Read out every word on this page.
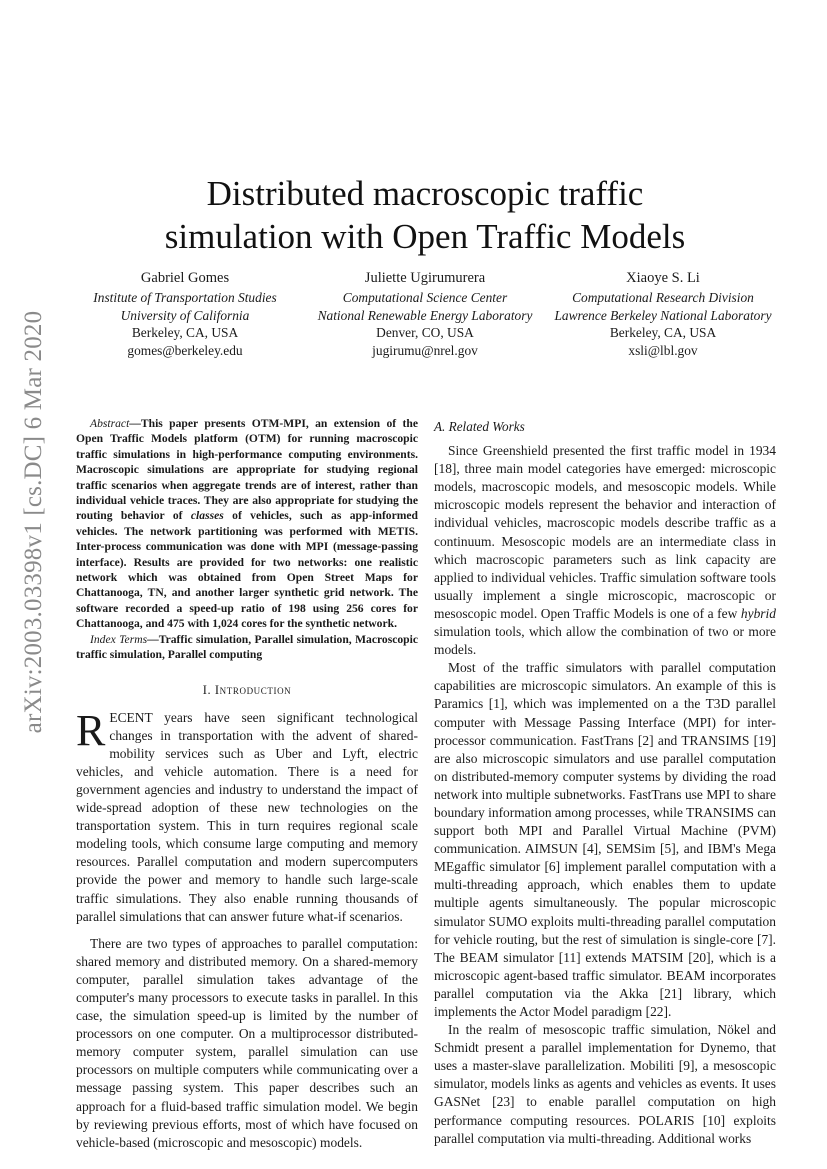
arXiv:2003.03398v1 [cs.DC] 6 Mar 2020
Distributed macroscopic traffic
simulation with Open Traffic Models
Gabriel Gomes
Institute of Transportation Studies
University of California
Berkeley, CA, USA
gomes@berkeley.edu
Juliette Ugirumurera
Computational Science Center
National Renewable Energy Laboratory
Denver, CO, USA
jugirumu@nrel.gov
Xiaoye S. Li
Computational Research Division
Lawrence Berkeley National Laboratory
Berkeley, CA, USA
xsli@lbl.gov
Abstract—This paper presents OTM-MPI, an extension of the Open Traffic Models platform (OTM) for running macroscopic traffic simulations in high-performance computing environments. Macroscopic simulations are appropriate for studying regional traffic scenarios when aggregate trends are of interest, rather than individual vehicle traces. They are also appropriate for studying the routing behavior of classes of vehicles, such as app-informed vehicles. The network partitioning was performed with METIS. Inter-process communication was done with MPI (message-passing interface). Results are provided for two networks: one realistic network which was obtained from Open Street Maps for Chattanooga, TN, and another larger synthetic grid network. The software recorded a speed-up ratio of 198 using 256 cores for Chattanooga, and 475 with 1,024 cores for the synthetic network.
Index Terms—Traffic simulation, Parallel simulation, Macroscopic traffic simulation, Parallel computing
I. Introduction

RECENT years have seen significant technological changes in transportation with the advent of shared-mobility services such as Uber and Lyft, electric vehicles, and vehicle automation. There is a need for government agencies and industry to understand the impact of wide-spread adoption of these new technologies on the transportation system. This in turn requires regional scale modeling tools, which consume large computing and memory resources. Parallel computation and modern supercomputers provide the power and memory to handle such large-scale traffic simulations. They also enable running thousands of parallel simulations that can answer future what-if scenarios.

There are two types of approaches to parallel computation: shared memory and distributed memory. On a shared-memory computer, parallel simulation takes advantage of the computer's many processors to execute tasks in parallel. In this case, the simulation speed-up is limited by the number of processors on one computer. On a multiprocessor distributed-memory computer system, parallel simulation can use processors on multiple computers while communicating over a message passing system. This paper describes such an approach for a fluid-based traffic simulation model. We begin by reviewing previous efforts, most of which have focused on vehicle-based (microscopic and mesoscopic) models.

A. Related Works

Since Greenshield presented the first traffic model in 1934 [18], three main model categories have emerged: microscopic models, macroscopic models, and mesoscopic models. While microscopic models represent the behavior and interaction of individual vehicles, macroscopic models describe traffic as a continuum. Mesoscopic models are an intermediate class in which macroscopic parameters such as link capacity are applied to individual vehicles. Traffic simulation software tools usually implement a single microscopic, macroscopic or mesoscopic model. Open Traffic Models is one of a few hybrid simulation tools, which allow the combination of two or more models.

Most of the traffic simulators with parallel computation capabilities are microscopic simulators. An example of this is Paramics [1], which was implemented on a the T3D parallel computer with Message Passing Interface (MPI) for inter-processor communication. FastTrans [2] and TRANSIMS [19] are also microscopic simulators and use parallel computation on distributed-memory computer systems by dividing the road network into multiple subnetworks. FastTrans use MPI to share boundary information among processes, while TRANSIMS can support both MPI and Parallel Virtual Machine (PVM) communication. AIMSUN [4], SEMSim [5], and IBM's Mega MEgaffic simulator [6] implement parallel computation with a multi-threading approach, which enables them to update multiple agents simultaneously. The popular microscopic simulator SUMO exploits multi-threading parallel computation for vehicle routing, but the rest of simulation is single-core [7]. The BEAM simulator [11] extends MATSIM [20], which is a microscopic agent-based traffic simulator. BEAM incorporates parallel computation via the Akka [21] library, which implements the Actor Model paradigm [22].

In the realm of mesoscopic traffic simulation, Nökel and Schmidt present a parallel implementation for Dynemo, that uses a master-slave parallelization. Mobiliti [9], a mesoscopic simulator, models links as agents and vehicles as events. It uses GASNet [23] to enable parallel computation on high performance computing resources. POLARIS [10] exploits parallel computation via multi-threading. Additional works
